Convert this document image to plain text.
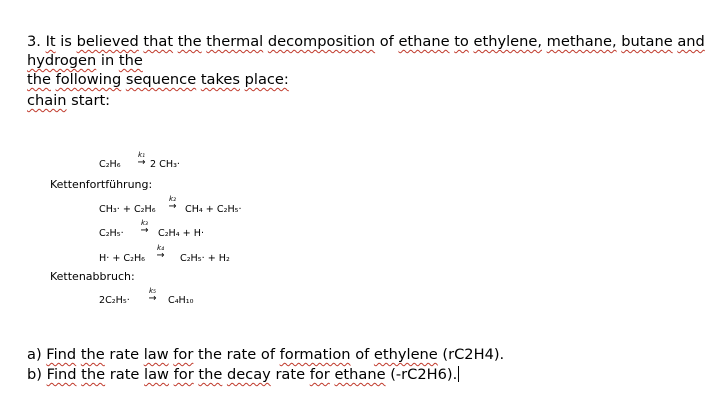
3. It is believed that the thermal decomposition of ethane to ethylene, methane, butane and
hydrogen in the
the following sequence takes place:
chain start:
C₂H₆
k₁
→ 2 CH₃·
Kettenfortführung:
CH₃· + C₂H₆
k₂
→ CH₄ + C₂H₅·
C₂H₅·
k₃
→ C₂H₄ + H·
H· + C₂H₆
k₄
→ C₂H₅· + H₂
Kettenabbruch:
2C₂H₅·
k₅
→ C₄H₁₀
a) Find the rate law for the rate of formation of ethylene (rC2H4).
b) Find the rate law for the decay rate for ethane (-rC2H6).
